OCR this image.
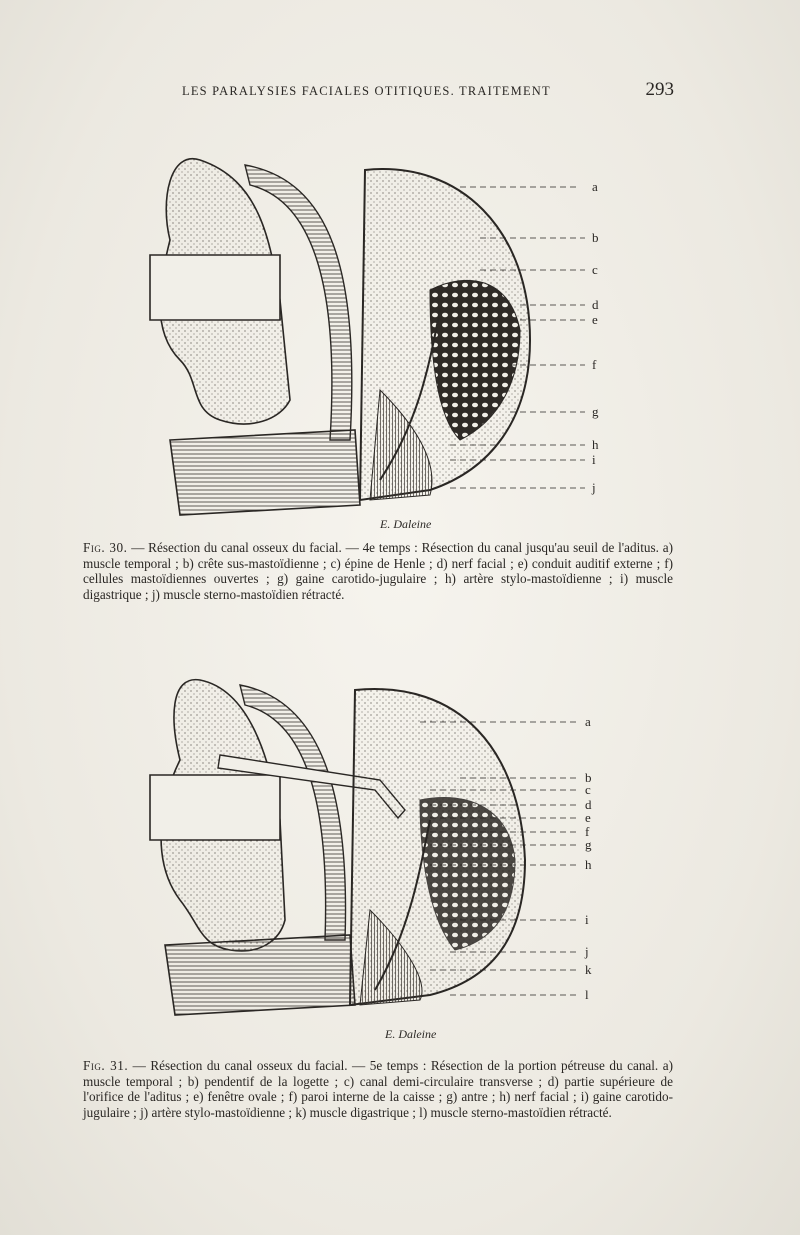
LES PARALYSIES FACIALES OTITIQUES. TRAITEMENT	293
a
b
c
d
e
f
g
h
i
j
E. Daleine

Fig. 30. — Résection du canal osseux du facial. — 4e temps : Résection du canal jusqu'au seuil de l'aditus. a) muscle temporal ; b) crête sus-mastoïdienne ; c) épine de Henle ; d) nerf facial ; e) conduit auditif externe ; f) cellules mastoïdiennes ouvertes ; g) gaine carotido-jugulaire ; h) artère stylo-mastoïdienne ; i) muscle digastrique ; j) muscle sterno-mastoïdien rétracté.

a
b
c
d
e
f
g
h
i
j
k
l
E. Daleine

Fig. 31. — Résection du canal osseux du facial. — 5e temps : Résection de la portion pétreuse du canal. a) muscle temporal ; b) pendentif de la logette ; c) canal demi-circulaire transverse ; d) partie supérieure de l'orifice de l'aditus ; e) fenêtre ovale ; f) paroi interne de la caisse ; g) antre ; h) nerf facial ; i) gaine carotido-jugulaire ; j) artère stylo-mastoïdienne ; k) muscle digastrique ; l) muscle sterno-mastoïdien rétracté.
